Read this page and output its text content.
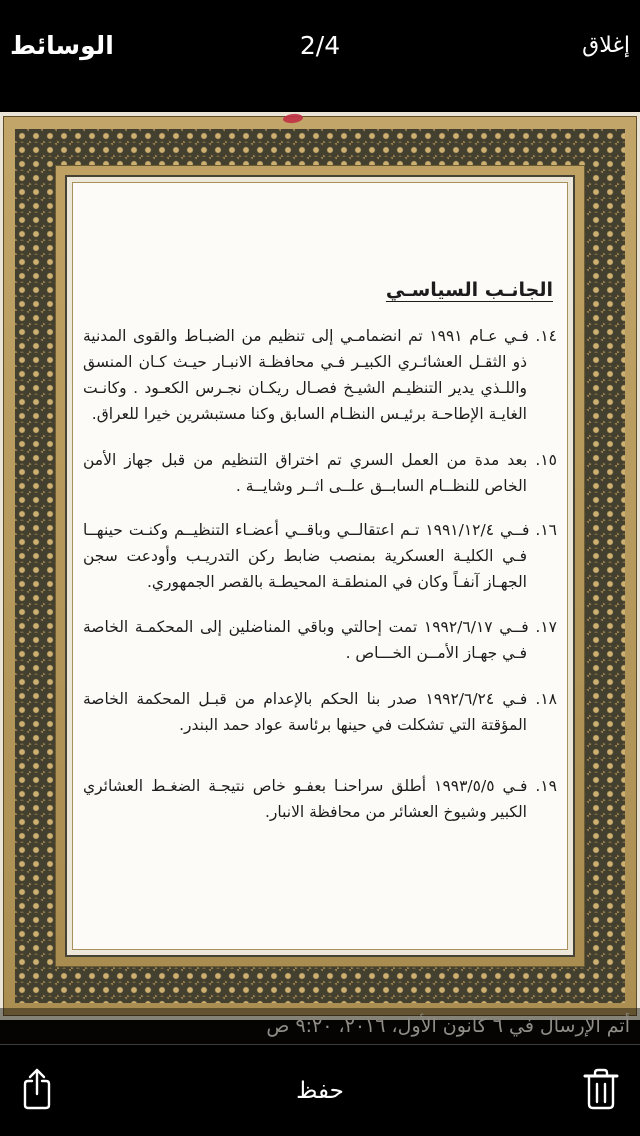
2/4
الوسائط	إغلاق

الجانـب السياسـي

١٤. فـي عـام ١٩٩١ تم انضمامـي إلى تنظيم من الضبـاط والقوى المدنية ذو الثقـل العشائـري الكبيـر فـي محافظـة الانبـار حيـث كـان المنسق واللـذي يدير التنظيـم الشيـخ فصـال ريكـان نجـرس الكعـود . وكانـت الغايـة الإطاحـة برئيـس النظـام السابق وكنا مستبشرين خيرا للعراق.

١٥. بعد مدة من العمل السري تم اختراق التنظيم من قبل جهاز الأمن الخاص للنظــام السابــق علــى اثــر وشايــة .

١٦. فــي ١٩٩١/١٢/٤ تـم اعتقالــي وباقــي أعضـاء التنظيــم وكنـت حينهــا فـي الكليـة العسكرية بمنصب ضابط ركن التدريـب وأودعت سجن الجهـاز آنفـاً وكان في المنطقـة المحيطـة بالقصر الجمهوري.

١٧. فــي ١٩٩٢/٦/١٧ تمت إحالتي وباقي المناضلين إلى المحكمـة الخاصة فـي جهـاز الأمــن الخـــاص .

١٨. فـي ١٩٩٢/٦/٢٤ صدر بنا الحكم بالإعدام من قبـل المحكمة الخاصة المؤقتة التي تشكلت في حينها برئاسة عواد حمد البندر.

١٩. فـي ١٩٩٣/٥/٥ أطلق سراحنـا بعفـو خاص نتيجـة الضغـط العشائري الكبير وشيوخ العشائر من محافظة الانبار.

أتم الإرسال في ٦ كانون الأول، ٢٠١٦، ٩:٢٠ ص
حفظ
